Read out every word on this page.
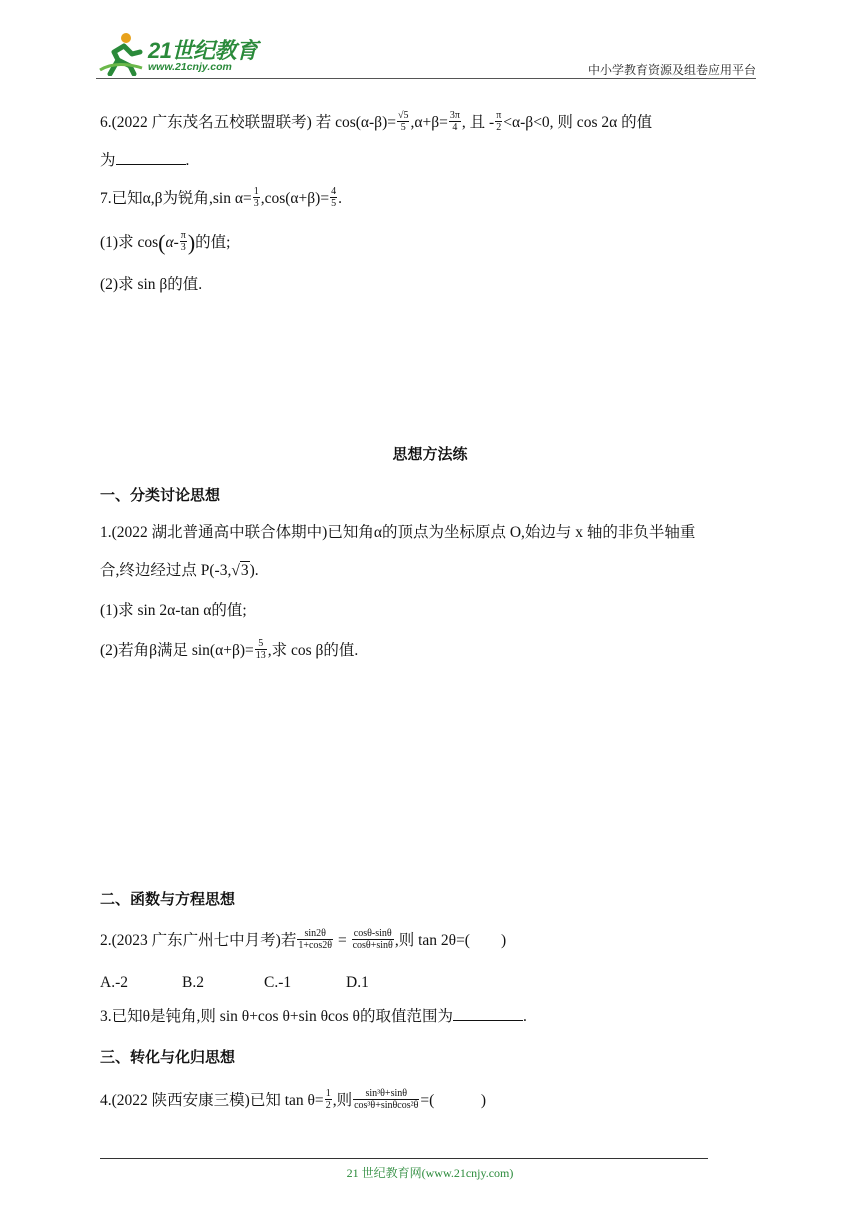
21世纪教育
www.21cnjy.com	中小学教育资源及组卷应用平台
6.(2022 广东茂名五校联盟联考) 若 $\cos(\alpha-\beta)= \frac{√5}{5} ,\alpha+\beta= \frac{3\pi}{4}$ , 且 - $\frac{\pi}{2} <\alpha-\beta<0$, 则 cos 2α 的值
为	.
7.已知α,β为锐角,sin $\alpha= \frac{1}{3} ,\cos(\alpha+\beta)= \frac{4}{5}$ .
(1)求 $\cos(\alpha- \frac{\pi}{3}$ )的值;
(2)求 sin β的值.
思想方法练
一、分类讨论思想
1.(2022 湖北普通高中联合体期中)已知角α的顶点为坐标原点 O,始边与 x 轴的非负半轴重
合,终边经过点 P(-3,√3).
(1)求 sin 2α-tan α的值;
(2)若角β满足 $\sin(\alpha+\beta)= \frac{5}{13}$ ,求 cos β的值.
二、函数与方程思想
2.(2023 广东广州七中月考)若 $\frac{\sin 2\theta}{1+\cos 2\theta} = \frac{\cos\theta-\sin\theta}{\cos\theta+\sin\theta}$ ,则 tan 2θ=(　　)
A.-2	B.2	C.-1	D.1
3.已知θ是钝角,则 sin θ+cos θ+sin θcos θ的取值范围为	.
三、转化与化归思想
4.(2022 陕西安康三模)已知 $\tan \theta= \frac{1}{2}$ ,则 $\frac{\text{sin³θ+sinθ}}{\text{cos³θ+sinθcos²θ}}$ =(　　　)
21 世纪教育网(www.21cnjy.com)
